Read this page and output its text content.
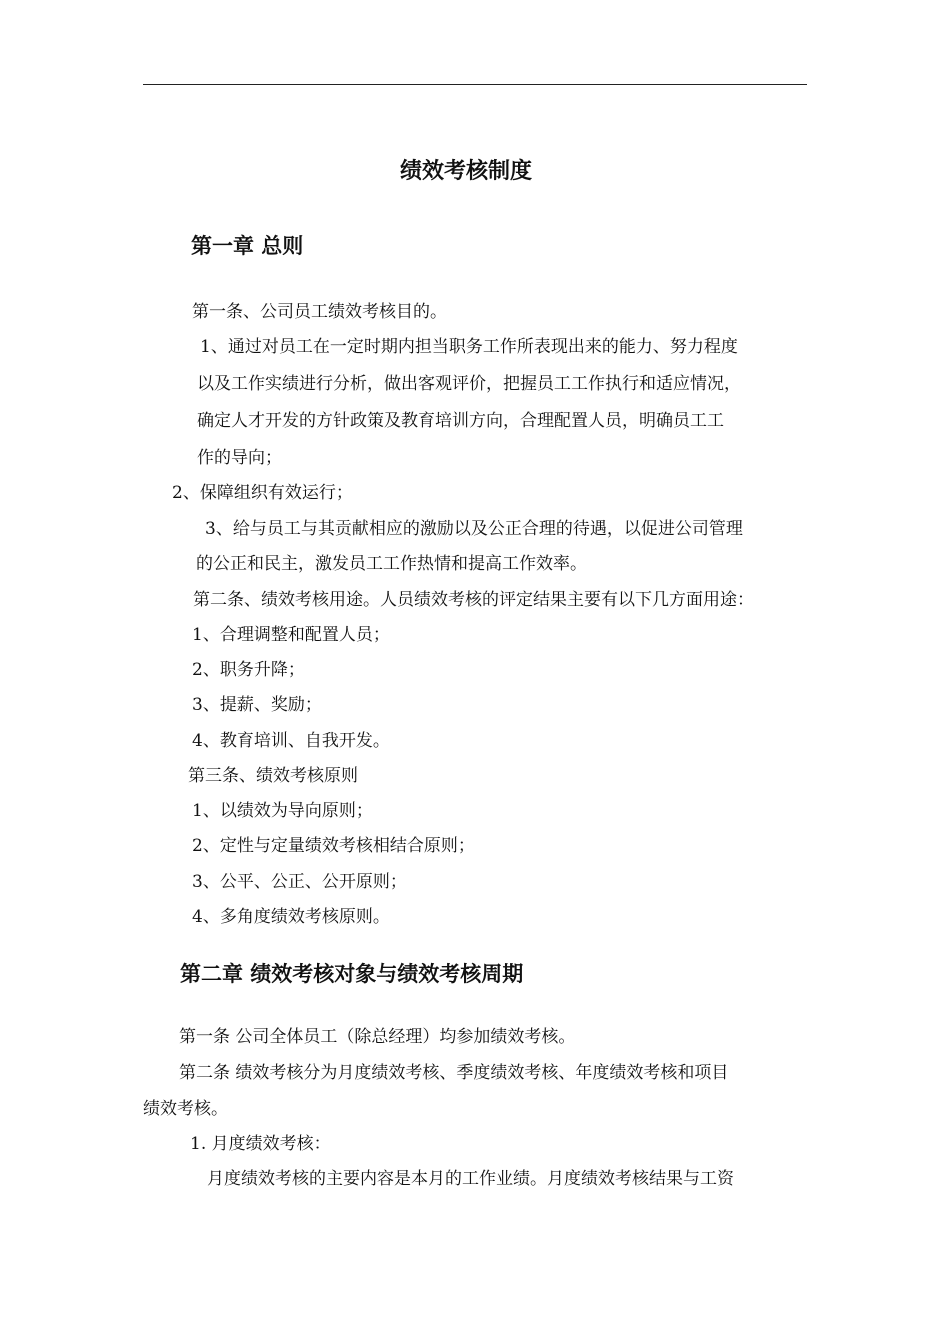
绩效考核制度
第一章 总则
第一条、公司员工绩效考核目的。
1、通过对员工在一定时期内担当职务工作所表现出来的能力、努力程度
以及工作实绩进行分析，做出客观评价，把握员工工作执行和适应情况，
确定人才开发的方针政策及教育培训方向，合理配置人员，明确员工工
作的导向；
2、保障组织有效运行；
3、给与员工与其贡献相应的激励以及公正合理的待遇，以促进公司管理
的公正和民主，激发员工工作热情和提高工作效率。
第二条、绩效考核用途。人员绩效考核的评定结果主要有以下几方面用途：
1、合理调整和配置人员；
2、职务升降；
3、提薪、奖励；
4、教育培训、自我开发。
第三条、绩效考核原则
1、以绩效为导向原则；
2、定性与定量绩效考核相结合原则；
3、公平、公正、公开原则；
4、多角度绩效考核原则。
第二章 绩效考核对象与绩效考核周期
第一条 公司全体员工（除总经理）均参加绩效考核。
第二条 绩效考核分为月度绩效考核、季度绩效考核、年度绩效考核和项目
绩效考核。
1. 月度绩效考核：
月度绩效考核的主要内容是本月的工作业绩。月度绩效考核结果与工资
